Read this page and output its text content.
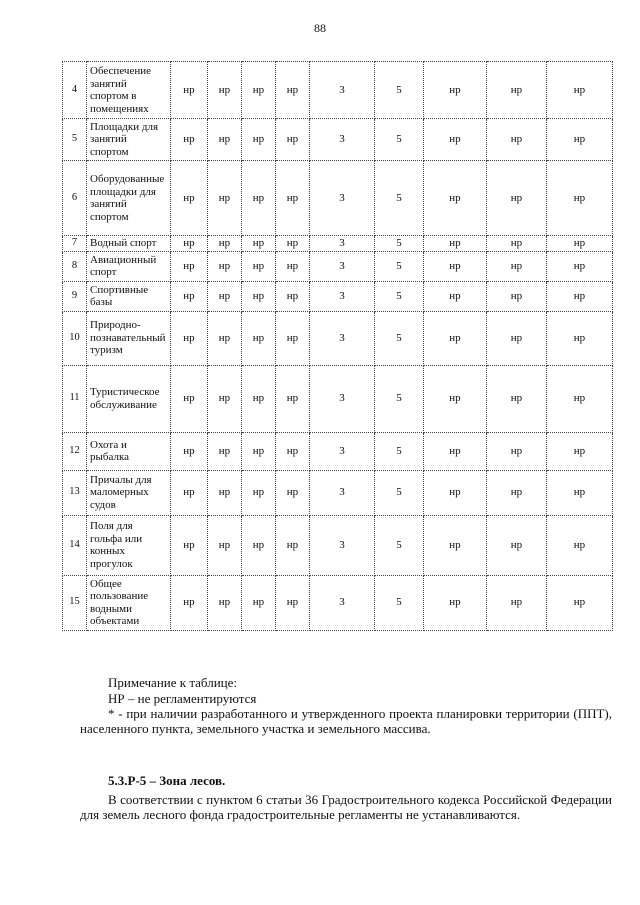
88
4	Обеспечение занятий спортом в помещениях	нр	нр	нр	нр	3	5	нр	нр	нр
5	Площадки для занятий спортом	нр	нр	нр	нр	3	5	нр	нр	нр
6	Оборудованные площадки для занятий спортом	нр	нр	нр	нр	3	5	нр	нр	нр
7	Водный спорт	нр	нр	нр	нр	3	5	нр	нр	нр
8	Авиационный спорт	нр	нр	нр	нр	3	5	нр	нр	нр
9	Спортивные базы	нр	нр	нр	нр	3	5	нр	нр	нр
10	Природно-познавательный туризм	нр	нр	нр	нр	3	5	нр	нр	нр
11	Туристическое обслуживание	нр	нр	нр	нр	3	5	нр	нр	нр
12	Охота и рыбалка	нр	нр	нр	нр	3	5	нр	нр	нр
13	Причалы для маломерных судов	нр	нр	нр	нр	3	5	нр	нр	нр
14	Поля для гольфа или конных прогулок	нр	нр	нр	нр	3	5	нр	нр	нр
15	Общее пользование водными объектами	нр	нр	нр	нр	3	5	нр	нр	нр
Примечание к таблице:
НР – не регламентируются
* - при наличии разработанного и утвержденного проекта планировки территории (ППТ), населенного пункта, земельного участка и земельного массива.
5.3.Р-5 – Зона лесов.
В соответствии с пунктом 6 статьи 36 Градостроительного кодекса Российской Федерации для земель лесного фонда градостроительные регламенты не устанавливаются.
